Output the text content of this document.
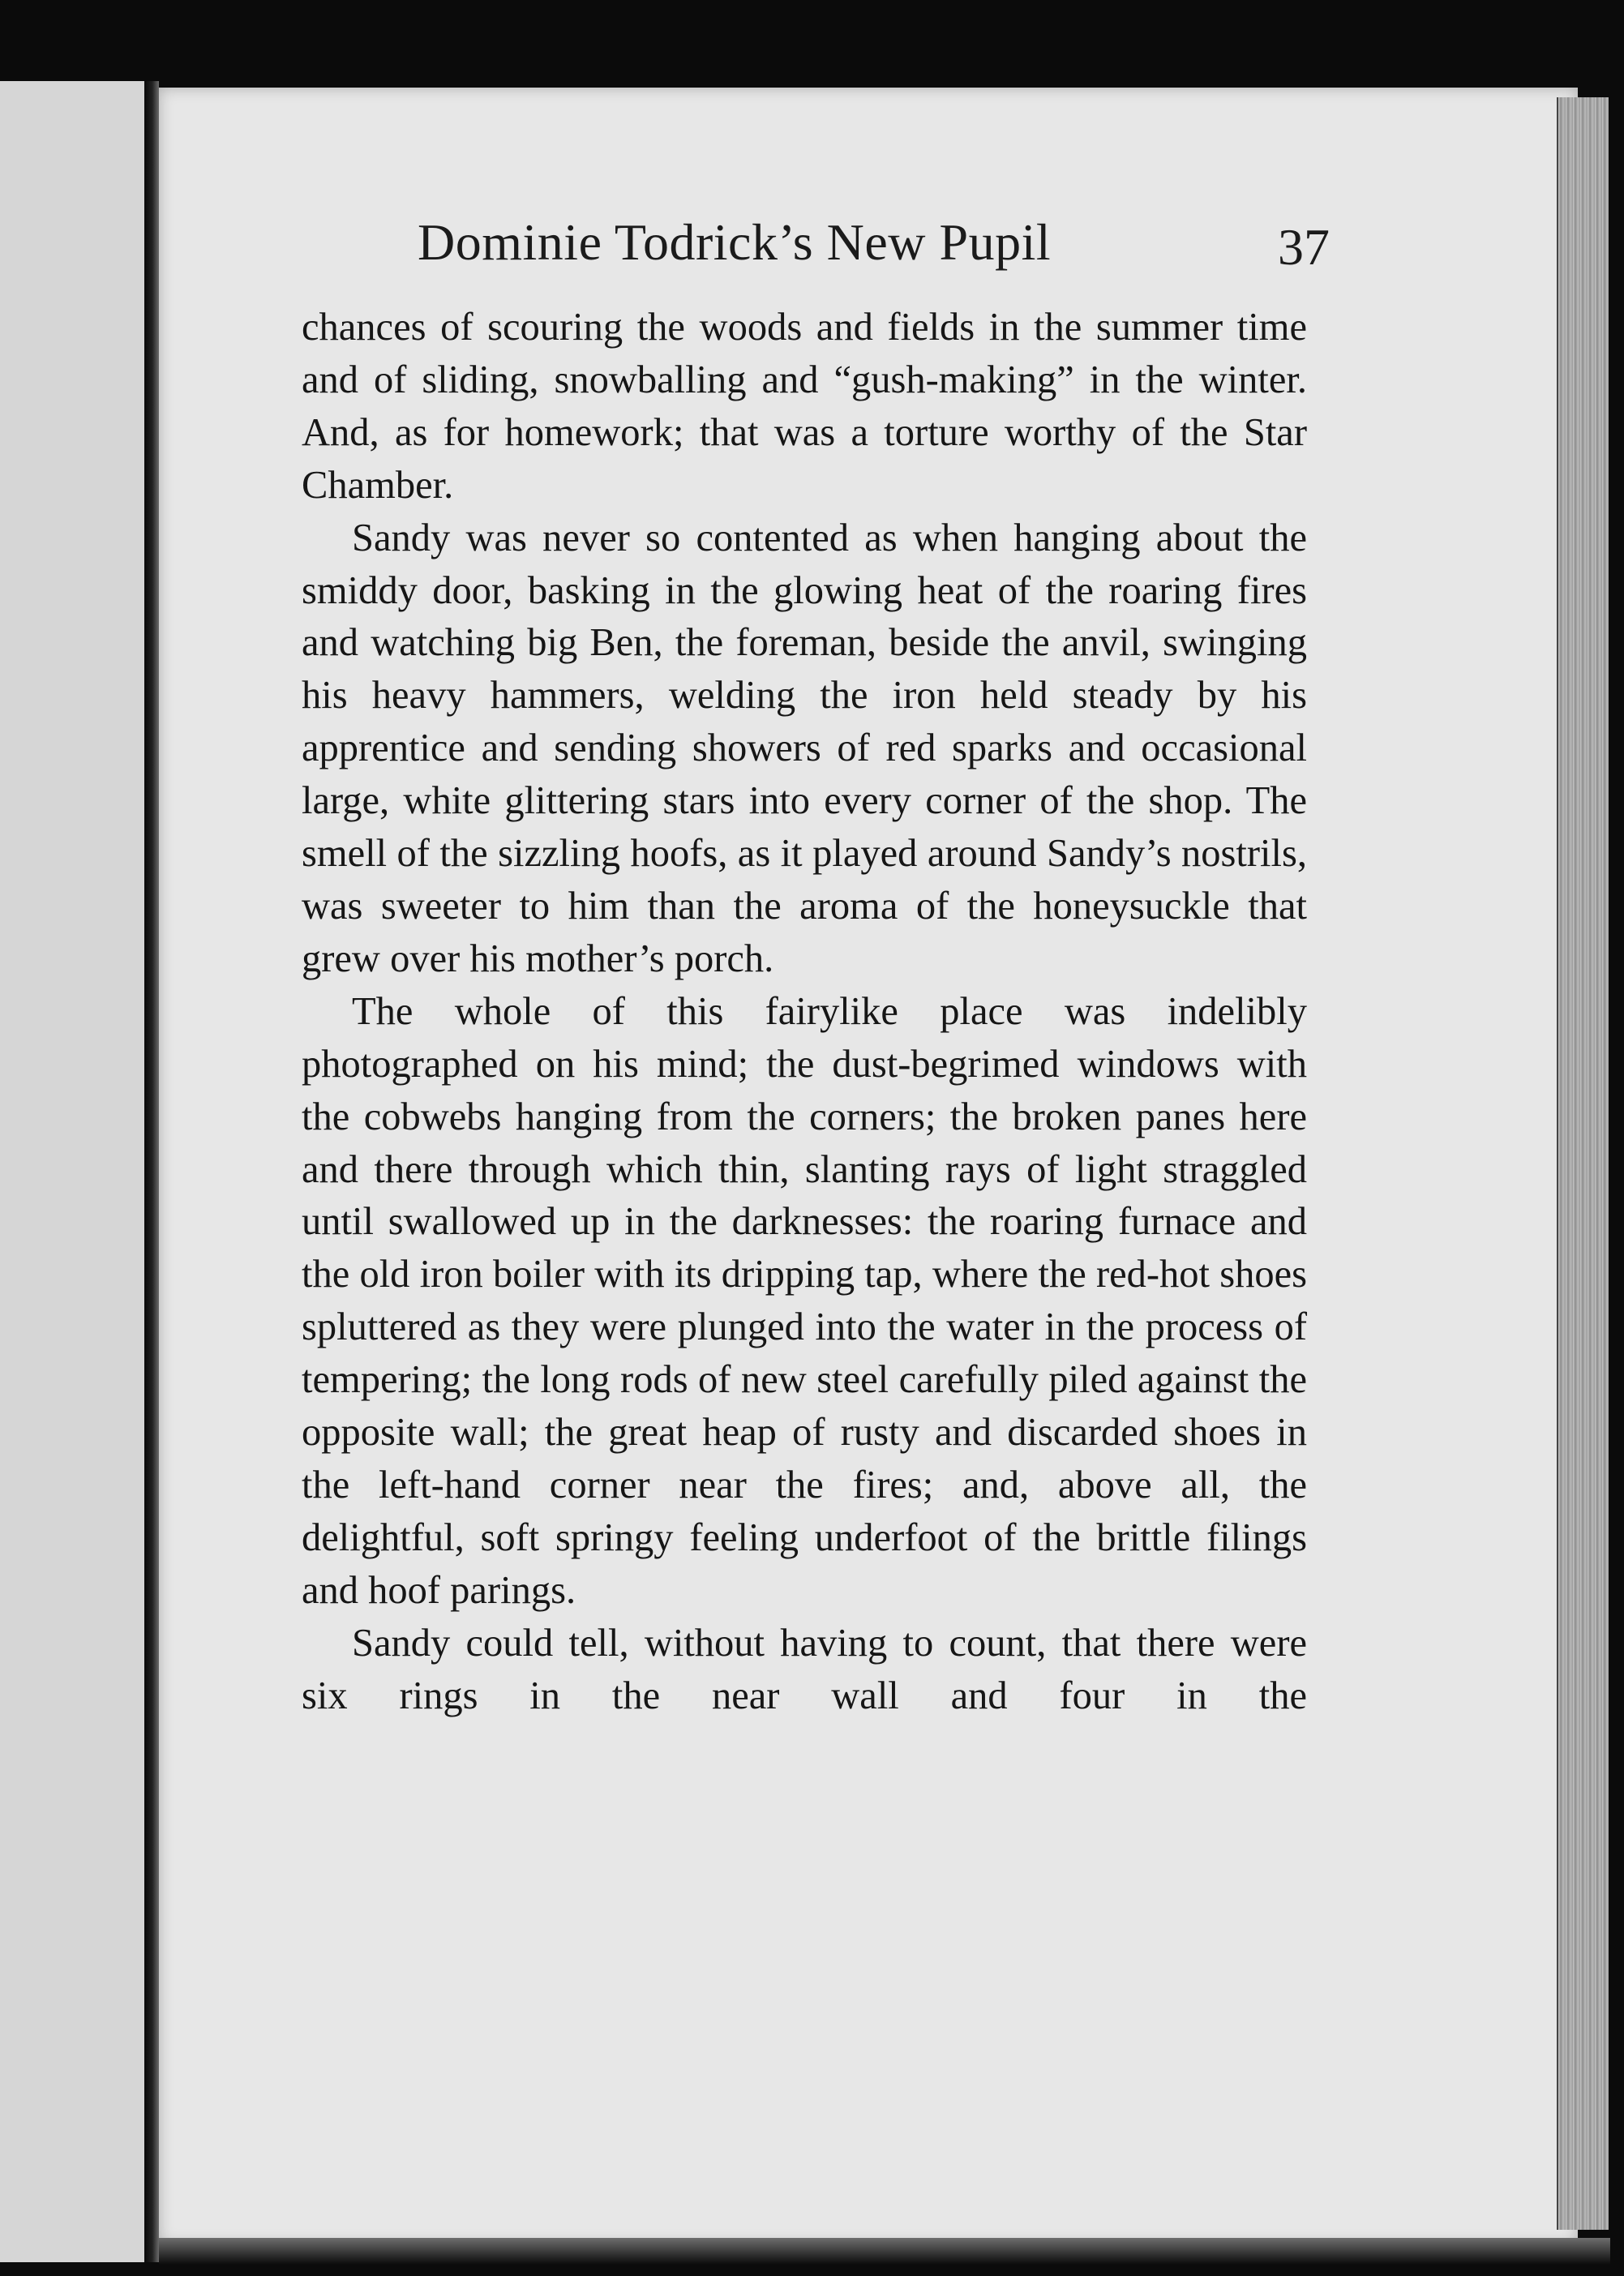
Dominie Todrick’s New Pupil	37

chances of scouring the woods and fields in the summer time and of sliding, snowballing and “gush-making” in the winter. And, as for homework; that was a torture worthy of the Star Chamber.

Sandy was never so contented as when hanging about the smiddy door, basking in the glowing heat of the roaring fires and watching big Ben, the foreman, beside the anvil, swinging his heavy hammers, welding the iron held steady by his apprentice and sending showers of red sparks and occasional large, white glittering stars into every corner of the shop. The smell of the sizzling hoofs, as it played around Sandy’s nostrils, was sweeter to him than the aroma of the honeysuckle that grew over his mother’s porch.

The whole of this fairylike place was indelibly photographed on his mind; the dust-begrimed windows with the cobwebs hanging from the corners; the broken panes here and there through which thin, slanting rays of light straggled until swallowed up in the darknesses: the roaring furnace and the old iron boiler with its dripping tap, where the red-hot shoes spluttered as they were plunged into the water in the process of tempering; the long rods of new steel carefully piled against the opposite wall; the great heap of rusty and discarded shoes in the left-hand corner near the fires; and, above all, the delightful, soft springy feeling underfoot of the brittle filings and hoof parings.

Sandy could tell, without having to count, that there were six rings in the near wall and four in the
